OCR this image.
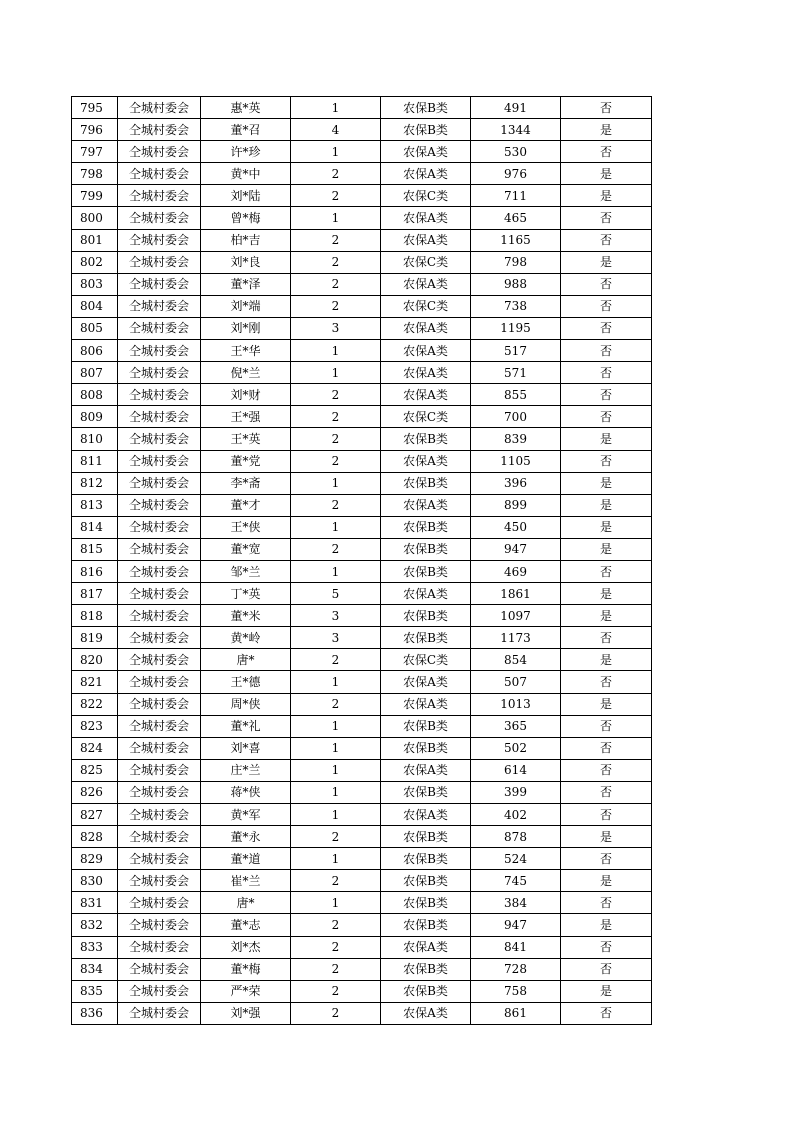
795	仝城村委会	惠*英	1	农保B类	491	否
796	仝城村委会	董*召	4	农保B类	1344	是
797	仝城村委会	许*珍	1	农保A类	530	否
798	仝城村委会	黄*中	2	农保A类	976	是
799	仝城村委会	刘*陆	2	农保C类	711	是
800	仝城村委会	曾*梅	1	农保A类	465	否
801	仝城村委会	柏*吉	2	农保A类	1165	否
802	仝城村委会	刘*良	2	农保C类	798	是
803	仝城村委会	董*泽	2	农保A类	988	否
804	仝城村委会	刘*端	2	农保C类	738	否
805	仝城村委会	刘*刚	3	农保A类	1195	否
806	仝城村委会	王*华	1	农保A类	517	否
807	仝城村委会	倪*兰	1	农保A类	571	否
808	仝城村委会	刘*财	2	农保A类	855	否
809	仝城村委会	王*强	2	农保C类	700	否
810	仝城村委会	王*英	2	农保B类	839	是
811	仝城村委会	董*党	2	农保A类	1105	否
812	仝城村委会	李*斋	1	农保B类	396	是
813	仝城村委会	董*才	2	农保A类	899	是
814	仝城村委会	王*侠	1	农保B类	450	是
815	仝城村委会	董*宽	2	农保B类	947	是
816	仝城村委会	邹*兰	1	农保B类	469	否
817	仝城村委会	丁*英	5	农保A类	1861	是
818	仝城村委会	董*米	3	农保B类	1097	是
819	仝城村委会	黄*岭	3	农保B类	1173	否
820	仝城村委会	唐*	2	农保C类	854	是
821	仝城村委会	王*德	1	农保A类	507	否
822	仝城村委会	周*侠	2	农保A类	1013	是
823	仝城村委会	董*礼	1	农保B类	365	否
824	仝城村委会	刘*喜	1	农保B类	502	否
825	仝城村委会	庄*兰	1	农保A类	614	否
826	仝城村委会	蒋*侠	1	农保B类	399	否
827	仝城村委会	黄*军	1	农保A类	402	否
828	仝城村委会	董*永	2	农保B类	878	是
829	仝城村委会	董*道	1	农保B类	524	否
830	仝城村委会	崔*兰	2	农保B类	745	是
831	仝城村委会	唐*	1	农保B类	384	否
832	仝城村委会	董*志	2	农保B类	947	是
833	仝城村委会	刘*杰	2	农保A类	841	否
834	仝城村委会	董*梅	2	农保B类	728	否
835	仝城村委会	严*荣	2	农保B类	758	是
836	仝城村委会	刘*强	2	农保A类	861	否
